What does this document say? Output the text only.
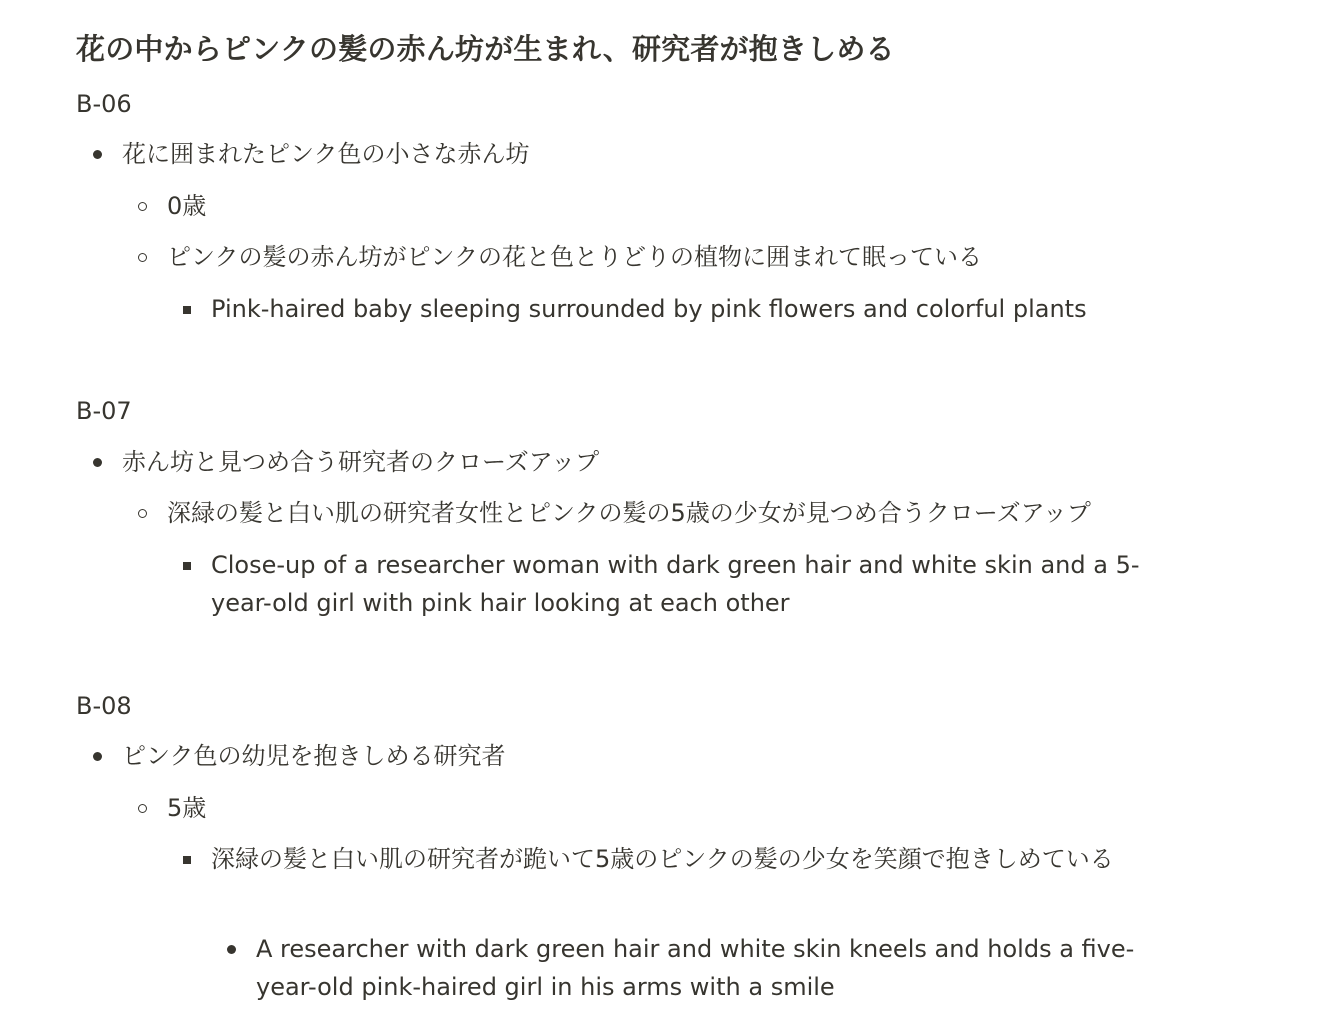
花の中からピンクの髪の赤ん坊が生まれ、研究者が抱きしめる
B-06
花に囲まれたピンク色の小さな赤ん坊
0歳
ピンクの髪の赤ん坊がピンクの花と色とりどりの植物に囲まれて眠っている
Pink-haired baby sleeping surrounded by pink flowers and colorful plants
B-07
赤ん坊と見つめ合う研究者のクローズアップ
深緑の髪と白い肌の研究者女性とピンクの髪の5歳の少女が見つめ合うクローズアップ
Close-up of a researcher woman with dark green hair and white skin and a 5-year-old girl with pink hair looking at each other
B-08
ピンク色の幼児を抱きしめる研究者
5歳
深緑の髪と白い肌の研究者が跪いて5歳のピンクの髪の少女を笑顔で抱きしめている
A researcher with dark green hair and white skin kneels and holds a five-year-old pink-haired girl in his arms with a smile
